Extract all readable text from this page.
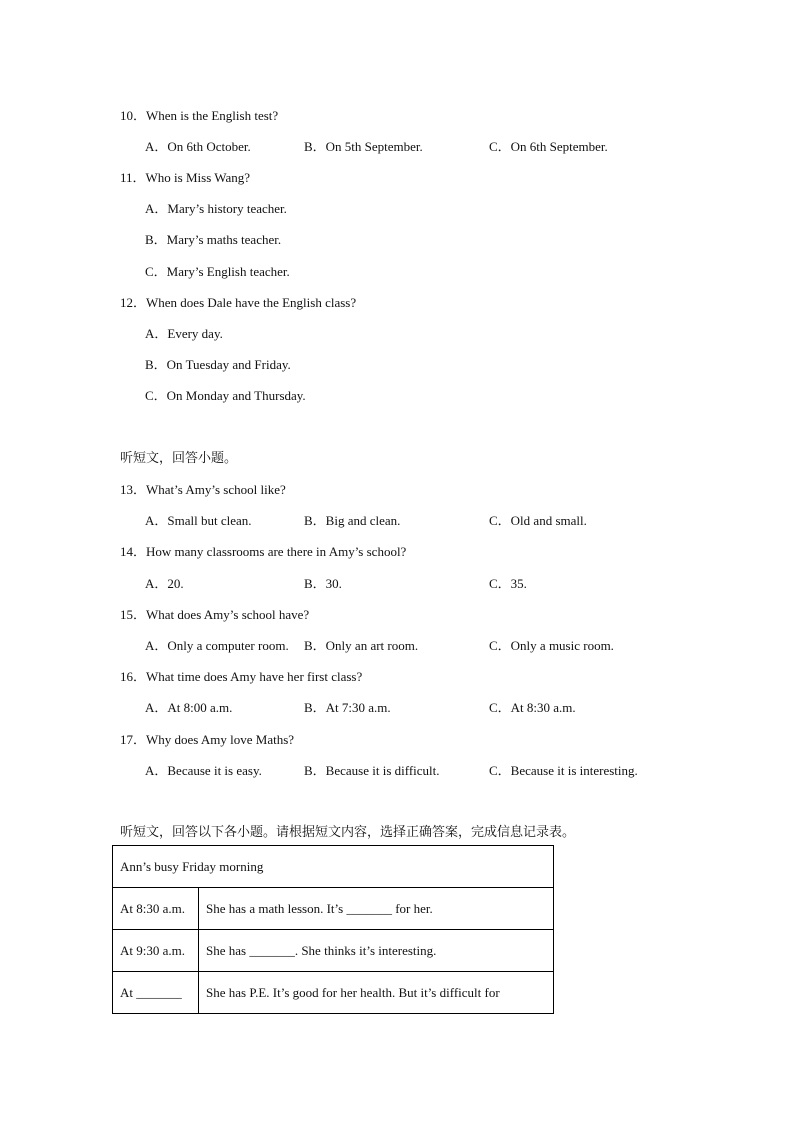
10．When is the English test?
A．On 6th October.	B．On 5th September.	C．On 6th September.
11．Who is Miss Wang?
A．Mary’s history teacher.
B．Mary’s maths teacher.
C．Mary’s English teacher.
12．When does Dale have the English class?
A．Every day.
B．On Tuesday and Friday.
C．On Monday and Thursday.
听短文，回答小题。
13．What’s Amy’s school like?
A．Small but clean.	B．Big and clean.	C．Old and small.
14．How many classrooms are there in Amy’s school?
A．20.	B．30.	C．35.
15．What does Amy’s school have?
A．Only a computer room. B．Only an art room.	C．Only a music room.
16．What time does Amy have her first class?
A．At 8:00 a.m.	B．At 7:30 a.m.	C．At 8:30 a.m.
17．Why does Amy love Maths?
A．Because it is easy.	B．Because it is difficult.	C．Because it is interesting.
听短文，回答以下各小题。请根据短文内容，选择正确答案，完成信息记录表。
Ann’s busy Friday morning	
At 8:30 a.m.	She has a math lesson. It’s _______ for her.
At 9:30 a.m.	She has _______. She thinks it’s interesting.
At _______	She has P.E. It’s good for her health. But it’s difficult for
